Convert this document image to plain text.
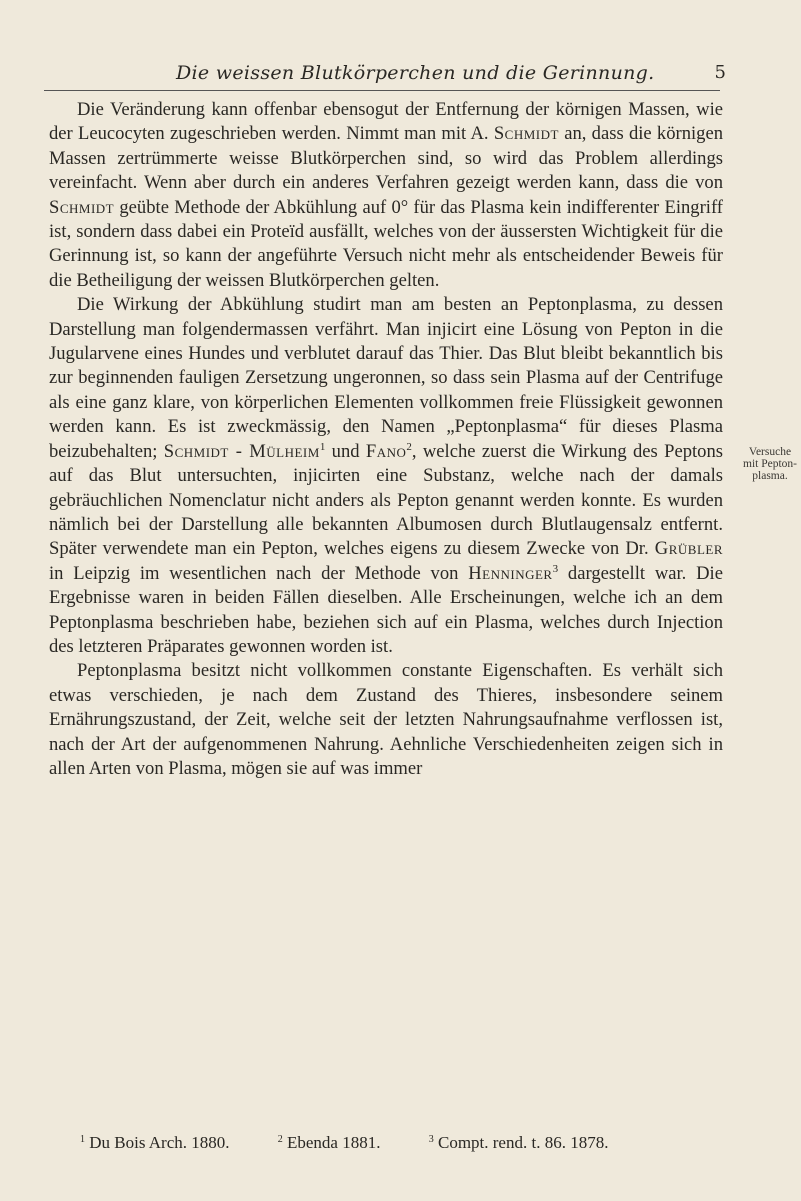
Die weissen Blutkörperchen und die Gerinnung.	5

Die Veränderung kann offenbar ebensogut der Entfernung der körnigen Massen, wie der Leucocyten zugeschrieben werden. Nimmt man mit A. Schmidt an, dass die körnigen Massen zertrümmerte weisse Blutkörperchen sind, so wird das Problem allerdings vereinfacht. Wenn aber durch ein anderes Verfahren gezeigt werden kann, dass die von Schmidt geübte Methode der Abkühlung auf 0° für das Plasma kein indifferenter Eingriff ist, sondern dass dabei ein Proteïd ausfällt, welches von der äussersten Wichtigkeit für die Gerinnung ist, so kann der angeführte Versuch nicht mehr als entscheidender Beweis für die Betheiligung der weissen Blutkörperchen gelten.

Die Wirkung der Abkühlung studirt man am besten an Peptonplasma, zu dessen Darstellung man folgendermassen verfährt. Man injicirt eine Lösung von Pepton in die Jugularvene eines Hundes und verblutet darauf das Thier. Das Blut bleibt bekanntlich bis zur beginnenden fauligen Zersetzung ungeronnen, so dass sein Plasma auf der Centrifuge als eine ganz klare, von körperlichen Elementen vollkommen freie Flüssigkeit gewonnen werden kann. Es ist zweckmässig, den Namen „Peptonplasma“ für dieses Plasma beizubehalten; Schmidt - Mülheim$^1$ und Fano$^2$, welche zuerst die Wirkung des Peptons auf das Blut untersuchten, injicirten eine Substanz, welche nach der damals gebräuchlichen Nomenclatur nicht anders als Pepton genannt werden konnte. Es wurden nämlich bei der Darstellung alle bekannten Albumosen durch Blutlaugensalz entfernt. Später verwendete man ein Pepton, welches eigens zu diesem Zwecke von Dr. Grübler in Leipzig im wesentlichen nach der Methode von Henninger$^3$ dargestellt war. Die Ergebnisse waren in beiden Fällen dieselben. Alle Erscheinungen, welche ich an dem Peptonplasma beschrieben habe, beziehen sich auf ein Plasma, welches durch Injection des letzteren Präparates gewonnen worden ist.

Peptonplasma besitzt nicht vollkommen constante Eigenschaften. Es verhält sich etwas verschieden, je nach dem Zustand des Thieres, insbesondere seinem Ernährungszustand, der Zeit, welche seit der letzten Nahrungsaufnahme verflossen ist, nach der Art der aufgenommenen Nahrung. Aehnliche Verschiedenheiten zeigen sich in allen Arten von Plasma, mögen sie auf was immer

Versuche
mit Pepton-
plasma.
$^1$ Du Bois Arch. 1880.	$^2$ Ebenda 1881.	$^3$ Compt. rend. t. 86. 1878.
